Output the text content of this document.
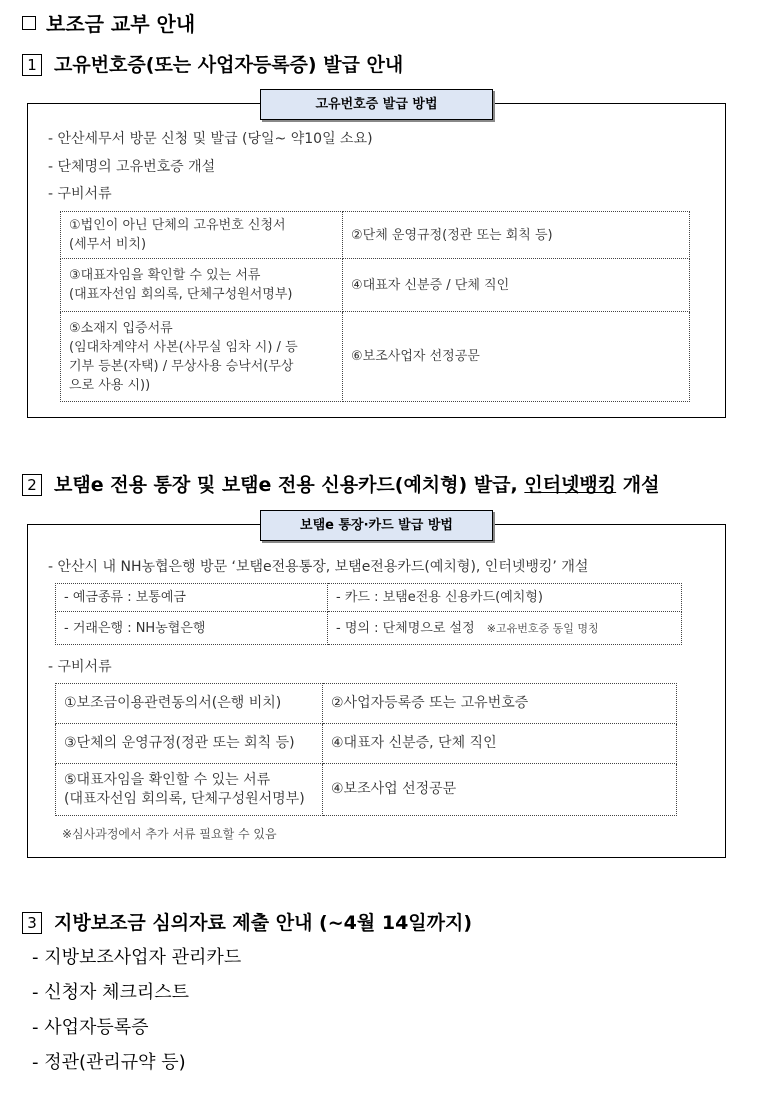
보조금 교부 안내
1 고유번호증(또는 사업자등록증) 발급 안내
고유번호증 발급 방법
- 안산세무서 방문 신청 및 발급 (당일~ 약10일 소요)
- 단체명의 고유번호증 개설
- 구비서류
①법인이 아닌 단체의 고유번호 신청서
(세무서 비치)	②단체 운영규정(정관 또는 회칙 등)

③대표자임을 확인할 수 있는 서류
(대표자선임 회의록, 단체구성원서명부)	④대표자 신분증 / 단체 직인

⑤소재지 입증서류
(임대차계약서 사본(사무실 임차 시) / 등
기부 등본(자택) / 무상사용 승낙서(무상
으로 사용 시))	⑥보조사업자 선정공문
2 보탬e 전용 통장 및 보탬e 전용 신용카드(예치형) 발급, 인터넷뱅킹 개설
보탬e 통장·카드 발급 방법
- 안산시 내 NH농협은행 방문 ‘보탬e전용통장, 보탬e전용카드(예치형), 인터넷뱅킹’ 개설
- 예금종류 : 보통예금	- 카드 : 보탬e전용 신용카드(예치형)
- 거래은행 : NH농협은행	- 명의 : 단체명으로 설정 ※고유번호증 동일 명칭
- 구비서류
①보조금이용관련동의서(은행 비치)	②사업자등록증 또는 고유번호증
③단체의 운영규정(정관 또는 회칙 등)	④대표자 신분증, 단체 직인

⑤대표자임을 확인할 수 있는 서류
(대표자선임 회의록, 단체구성원서명부)	④보조사업 선정공문
※심사과정에서 추가 서류 필요할 수 있음
3 지방보조금 심의자료 제출 안내 (~4월 14일까지)
- 지방보조사업자 관리카드
- 신청자 체크리스트
- 사업자등록증
- 정관(관리규약 등)
